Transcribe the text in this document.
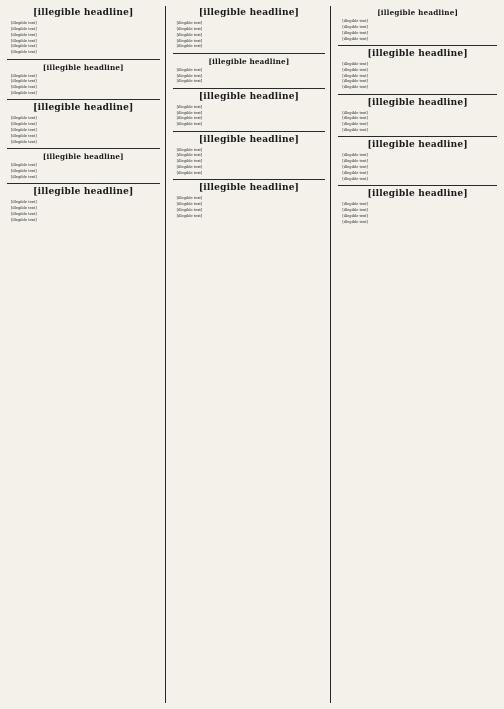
[illegible headline]

[illegible text]

[illegible text]

[illegible text]

[illegible text]

[illegible text]

[illegible text]

[illegible headline]

[illegible text]

[illegible text]

[illegible text]

[illegible text]

[illegible headline]

[illegible text]

[illegible text]

[illegible text]

[illegible text]

[illegible text]

[illegible headline]

[illegible text]

[illegible text]

[illegible text]

[illegible headline]

[illegible text]

[illegible text]

[illegible text]

[illegible text]

[illegible headline]

[illegible text]

[illegible text]

[illegible text]

[illegible text]

[illegible text]

[illegible headline]

[illegible text]

[illegible text]

[illegible text]

[illegible headline]

[illegible text]

[illegible text]

[illegible text]

[illegible text]

[illegible headline]

[illegible text]

[illegible text]

[illegible text]

[illegible text]

[illegible text]

[illegible headline]

[illegible text]

[illegible text]

[illegible text]

[illegible text]

[illegible headline]

[illegible text]

[illegible text]

[illegible text]

[illegible text]

[illegible headline]

[illegible text]

[illegible text]

[illegible text]

[illegible text]

[illegible text]

[illegible headline]

[illegible text]

[illegible text]

[illegible text]

[illegible text]

[illegible headline]

[illegible text]

[illegible text]

[illegible text]

[illegible text]

[illegible text]

[illegible headline]

[illegible text]

[illegible text]

[illegible text]

[illegible text]
